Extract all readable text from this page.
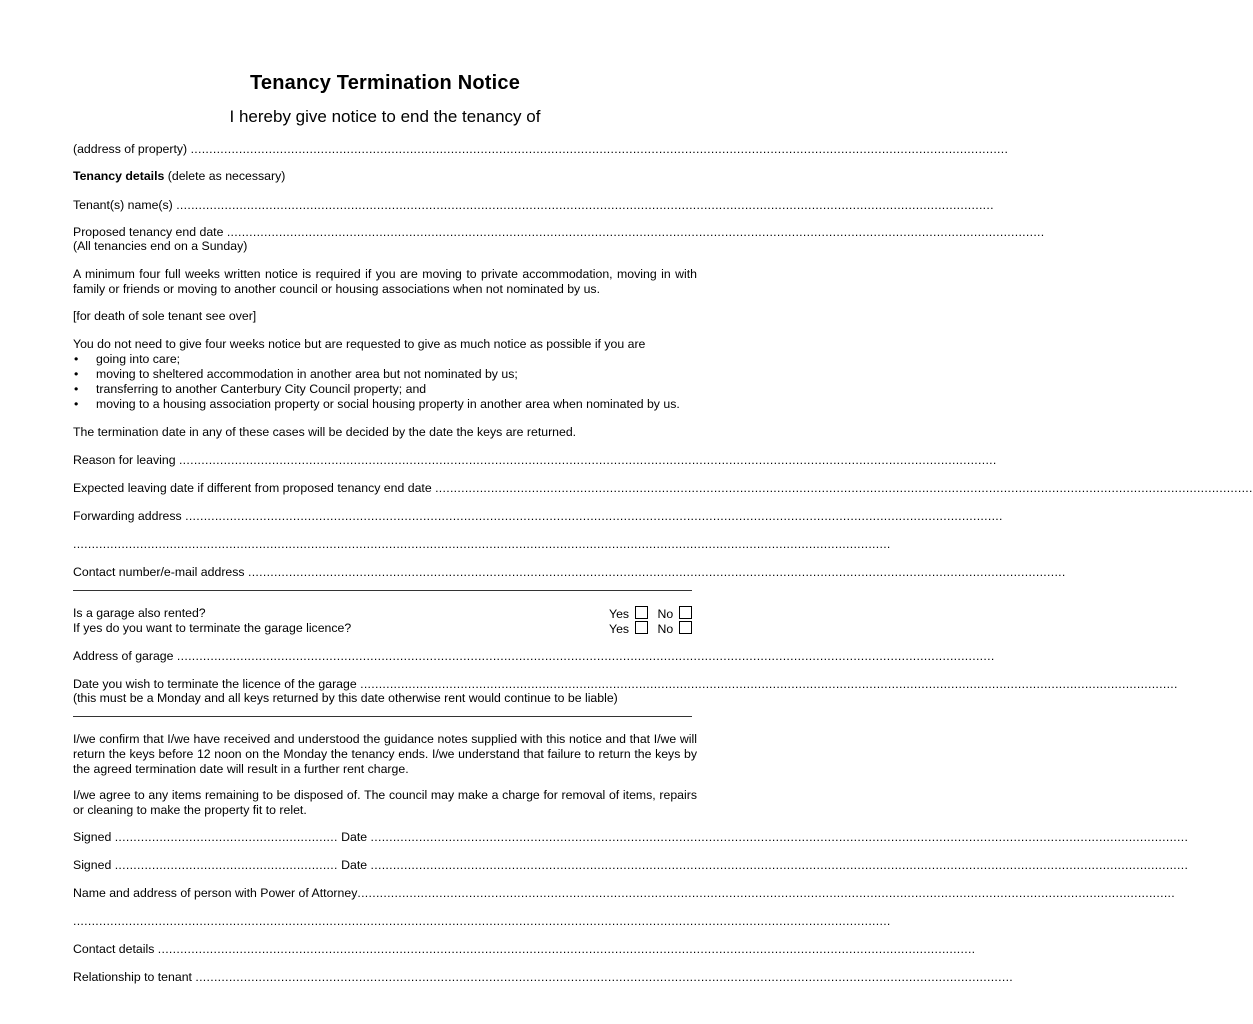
Tenancy Termination Notice
I hereby give notice to end the tenancy of
(address of property) ............................................................................................................................................................................................................................
Tenancy details (delete as necessary)
Tenant(s) name(s) ............................................................................................................................................................................................................................
Proposed tenancy end date ............................................................................................................................................................................................................................
(All tenancies end on a Sunday)
A minimum four full weeks written notice is required if you are moving to private accommodation, moving in with family or friends or moving to another council or housing associations when not nominated by us.
[for death of sole tenant see over]
You do not need to give four weeks notice but are requested to give as much notice as possible if you are
• going into care;
• moving to sheltered accommodation in another area but not nominated by us;
• transferring to another Canterbury City Council property; and
• moving to a housing association property or social housing property in another area when nominated by us.
The termination date in any of these cases will be decided by the date the keys are returned.
Reason for leaving ............................................................................................................................................................................................................................
Expected leaving date if different from proposed tenancy end date ............................................................................................................................................................................................................................
Forwarding address ............................................................................................................................................................................................................................
............................................................................................................................................................................................................................
Contact number/e-mail address ............................................................................................................................................................................................................................
Is a garage also rented?	Yes No
If yes do you want to terminate the garage licence?	Yes No
Address of garage ............................................................................................................................................................................................................................
Date you wish to terminate the licence of the garage ............................................................................................................................................................................................................................
(this must be a Monday and all keys returned by this date otherwise rent would continue to be liable)
I/we confirm that I/we have received and understood the guidance notes supplied with this notice and that I/we will return the keys before 12 noon on the Monday the tenancy ends. I/we understand that failure to return the keys by the agreed termination date will result in a further rent charge.
I/we agree to any items remaining to be disposed of. The council may make a charge for removal of items, repairs or cleaning to make the property fit to relet.
Signed ............................................................ Date ............................................................................................................................................................................................................................
Signed ............................................................ Date ............................................................................................................................................................................................................................
Name and address of person with Power of Attorney............................................................................................................................................................................................................................
............................................................................................................................................................................................................................
Contact details ............................................................................................................................................................................................................................
Relationship to tenant ............................................................................................................................................................................................................................
